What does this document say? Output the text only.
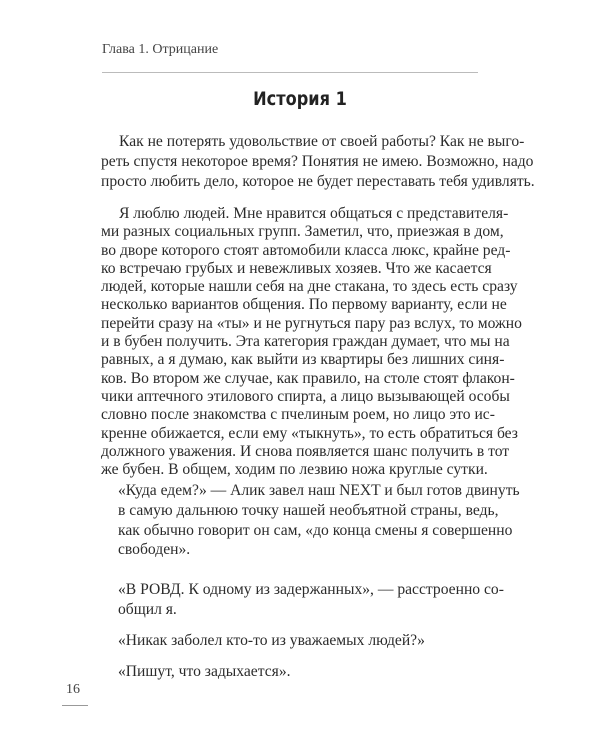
Глава 1. Отрицание
История 1
Как не потерять удовольствие от своей работы? Как не выго-
реть спустя некоторое время? Понятия не имею. Возможно, надо
просто любить дело, которое не будет переставать тебя удивлять.
Я люблю людей. Мне нравится общаться с представителя-
ми разных социальных групп. Заметил, что, приезжая в дом,
во дворе которого стоят автомобили класса люкс, крайне ред-
ко встречаю грубых и невежливых хозяев. Что же касается
людей, которые нашли себя на дне стакана, то здесь есть сразу
несколько вариантов общения. По первому варианту, если не
перейти сразу на «ты» и не ругнуться пару раз вслух, то можно
и в бубен получить. Эта категория граждан думает, что мы на
равных, а я думаю, как выйти из квартиры без лишних синя-
ков. Во втором же случае, как правило, на столе стоят флакон-
чики аптечного этилового спирта, а лицо вызывающей особы
словно после знакомства с пчелиным роем, но лицо это ис-
кренне обижается, если ему «тыкнуть», то есть обратиться без
должного уважения. И снова появляется шанс получить в тот
же бубен. В общем, ходим по лезвию ножа круглые сутки.
«Куда едем?» — Алик завел наш NEXT и был готов двинуть
в самую дальнюю точку нашей необъятной страны, ведь,
как обычно говорит он сам, «до конца смены я совершенно
свободен».
«В РОВД. К одному из задержанных», — расстроенно со-
общил я.
«Никак заболел кто-то из уважаемых людей?»
«Пишут, что задыхается».
16
